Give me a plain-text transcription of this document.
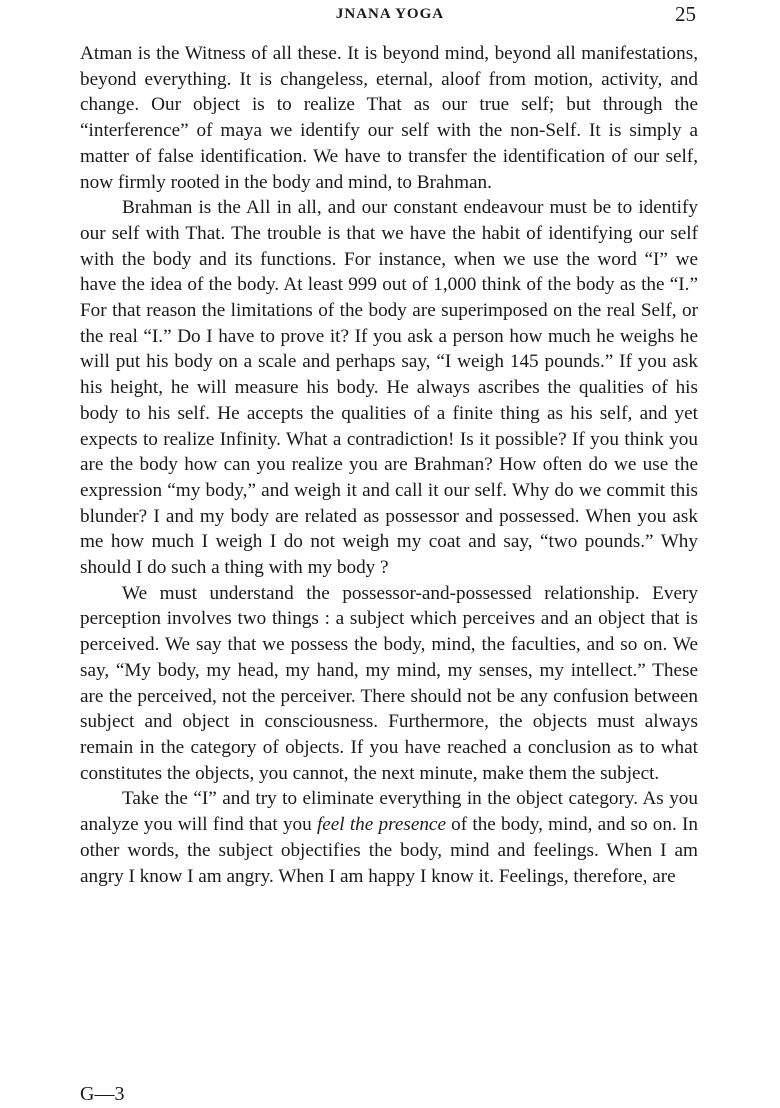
JNANA YOGA	25

Atman is the Witness of all these. It is beyond mind, beyond all manifestations, beyond everything. It is changeless, eternal, aloof from motion, activity, and change. Our object is to realize That as our true self; but through the “interference” of maya we identify our self with the non-Self. It is simply a matter of false identification. We have to transfer the identification of our self, now firmly rooted in the body and mind, to Brahman.

Brahman is the All in all, and our constant endeavour must be to identify our self with That. The trouble is that we have the habit of identifying our self with the body and its functions. For instance, when we use the word “I” we have the idea of the body. At least 999 out of 1,000 think of the body as the “I.” For that reason the limitations of the body are superimposed on the real Self, or the real “I.” Do I have to prove it? If you ask a person how much he weighs he will put his body on a scale and perhaps say, “I weigh 145 pounds.” If you ask his height, he will measure his body. He always ascribes the qualities of his body to his self. He accepts the qualities of a finite thing as his self, and yet expects to realize Infinity. What a contradiction! Is it possible? If you think you are the body how can you realize you are Brahman? How often do we use the expression “my body,” and weigh it and call it our self. Why do we commit this blunder? I and my body are related as possessor and possessed. When you ask me how much I weigh I do not weigh my coat and say, “two pounds.” Why should I do such a thing with my body ?

We must understand the possessor-and-possessed relationship. Every perception involves two things : a subject which perceives and an object that is perceived. We say that we possess the body, mind, the faculties, and so on. We say, “My body, my head, my hand, my mind, my senses, my intellect.” These are the perceived, not the perceiver. There should not be any confusion between subject and object in consciousness. Furthermore, the objects must always remain in the category of objects. If you have reached a conclusion as to what constitutes the objects, you cannot, the next minute, make them the subject.

Take the “I” and try to eliminate everything in the object category. As you analyze you will find that you feel the presence of the body, mind, and so on. In other words, the subject objectifies the body, mind and feelings. When I am angry I know I am angry. When I am happy I know it. Feelings, therefore, are

G—3
